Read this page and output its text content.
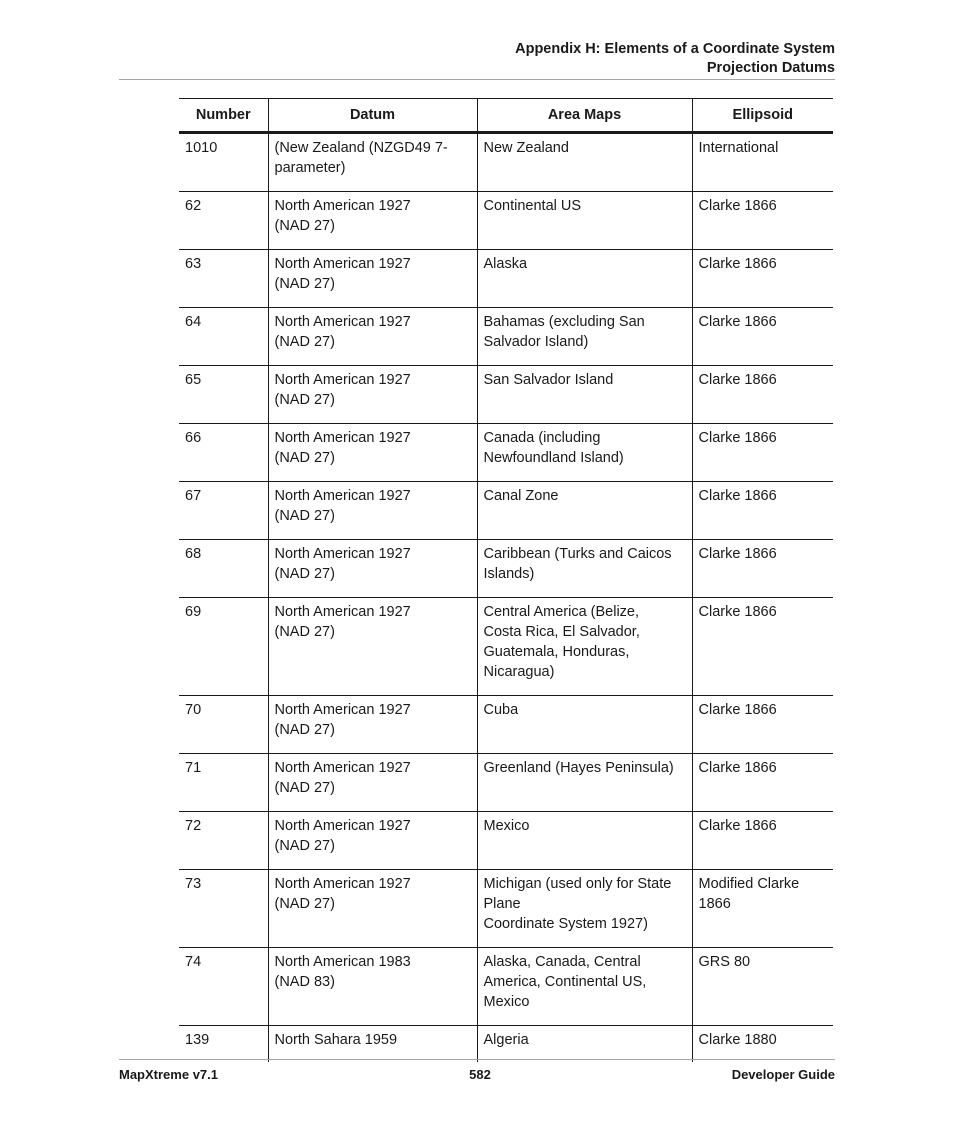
Appendix H: Elements of a Coordinate System
Projection Datums
Number	Datum	Area Maps	Ellipsoid
1010	(New Zealand (NZGD49 7-
parameter)	New Zealand	International

62	North American 1927
(NAD 27)	Continental US	Clarke 1866

63	North American 1927
(NAD 27)	Alaska	Clarke 1866

64	North American 1927
(NAD 27)	Bahamas (excluding San
Salvador Island)	Clarke 1866

65	North American 1927
(NAD 27)	San Salvador Island	Clarke 1866

66	North American 1927
(NAD 27)	Canada (including
Newfoundland Island)	Clarke 1866

67	North American 1927
(NAD 27)	Canal Zone	Clarke 1866

68	North American 1927
(NAD 27)	Caribbean (Turks and Caicos
Islands)	Clarke 1866

69	North American 1927
(NAD 27)	Central America (Belize,
Costa Rica, El Salvador,
Guatemala, Honduras,
Nicaragua)	Clarke 1866

70	North American 1927
(NAD 27)	Cuba	Clarke 1866

71	North American 1927
(NAD 27)	Greenland (Hayes Peninsula)	Clarke 1866

72	North American 1927
(NAD 27)	Mexico	Clarke 1866

73	North American 1927
(NAD 27)	Michigan (used only for State
Plane
Coordinate System 1927)	Modified Clarke
1866

74	North American 1983
(NAD 83)	Alaska, Canada, Central
America, Continental US,
Mexico	GRS 80

139	North Sahara 1959	Algeria	Clarke 1880
MapXtreme v7.1	582	Developer Guide
